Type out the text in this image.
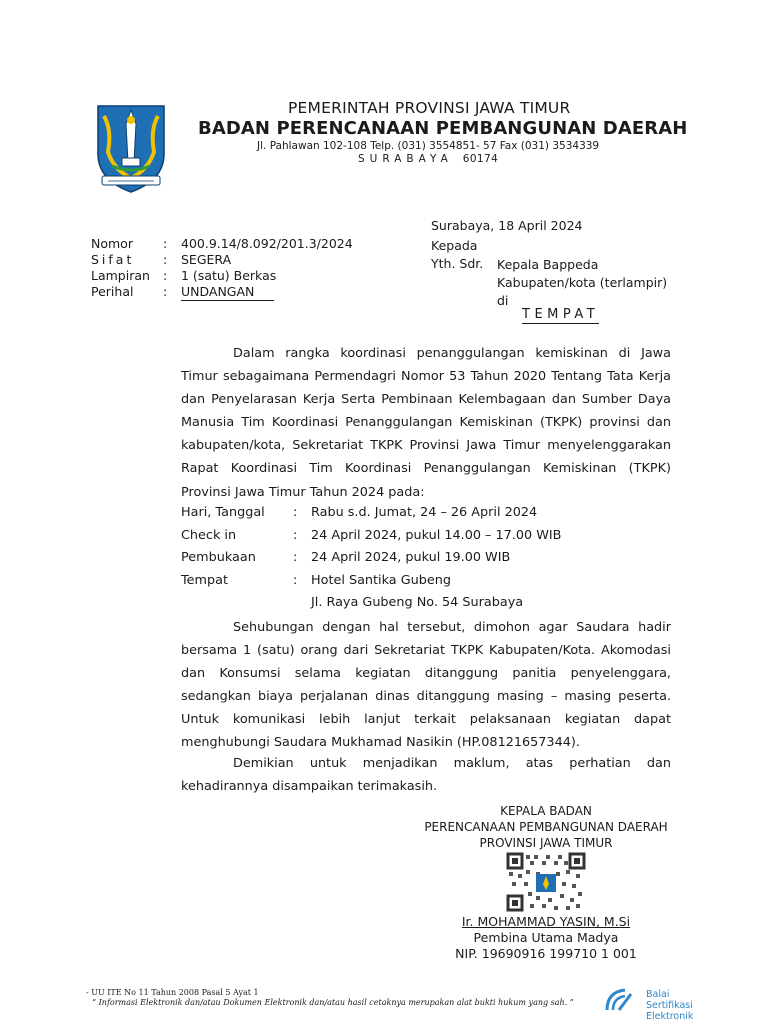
PEMERINTAH PROVINSI JAWA TIMUR
BADAN PERENCANAAN PEMBANGUNAN DAERAH
Jl. Pahlawan 102-108 Telp. (031) 3554851- 57 Fax (031) 3534339
SURABAYA 60174
Nomor	:	400.9.14/8.092/201.3/2024
Sifat	:	SEGERA
Lampiran	:	1 (satu) Berkas
Perihal	:	UNDANGAN
Surabaya, 18 April 2024
Kepada
Yth. Sdr. Kepala Bappeda
Kabupaten/kota (terlampir)
di
TEMPAT
Dalam rangka koordinasi penanggulangan kemiskinan di Jawa Timur sebagaimana Permendagri Nomor 53 Tahun 2020 Tentang Tata Kerja dan Penyelarasan Kerja Serta Pembinaan Kelembagaan dan Sumber Daya Manusia Tim Koordinasi Penanggulangan Kemiskinan (TKPK) provinsi dan kabupaten/kota, Sekretariat TKPK Provinsi Jawa Timur menyelenggarakan Rapat Koordinasi Tim Koordinasi Penanggulangan Kemiskinan (TKPK) Provinsi Jawa Timur Tahun 2024 pada:
Hari, Tanggal	:	Rabu s.d. Jumat, 24 – 26 April 2024
Check in	:	24 April 2024, pukul 14.00 – 17.00 WIB
Pembukaan	:	24 April 2024, pukul 19.00 WIB
Tempat	:	Hotel Santika Gubeng
Jl. Raya Gubeng No. 54 Surabaya
Sehubungan dengan hal tersebut, dimohon agar Saudara hadir bersama 1 (satu) orang dari Sekretariat TKPK Kabupaten/Kota. Akomodasi dan Konsumsi selama kegiatan ditanggung panitia penyelenggara, sedangkan biaya perjalanan dinas ditanggung masing – masing peserta. Untuk komunikasi lebih lanjut terkait pelaksanaan kegiatan dapat menghubungi Saudara Mukhamad Nasikin (HP.08121657344).
Demikian untuk menjadikan maklum, atas perhatian dan kehadirannya disampaikan terimakasih.
KEPALA BADAN
PERENCANAAN PEMBANGUNAN DAERAH
PROVINSI JAWA TIMUR
Ir. MOHAMMAD YASIN, M.Si
Pembina Utama Madya
NIP. 19690916 199710 1 001
- UU ITE No 11 Tahun 2008 Pasal 5 Ayat 1
“ Informasi Elektronik dan/atau Dokumen Elektronik dan/atau hasil cetaknya merupakan alat bukti hukum yang sah. ”
Balai
Sertifikasi
Elektronik
